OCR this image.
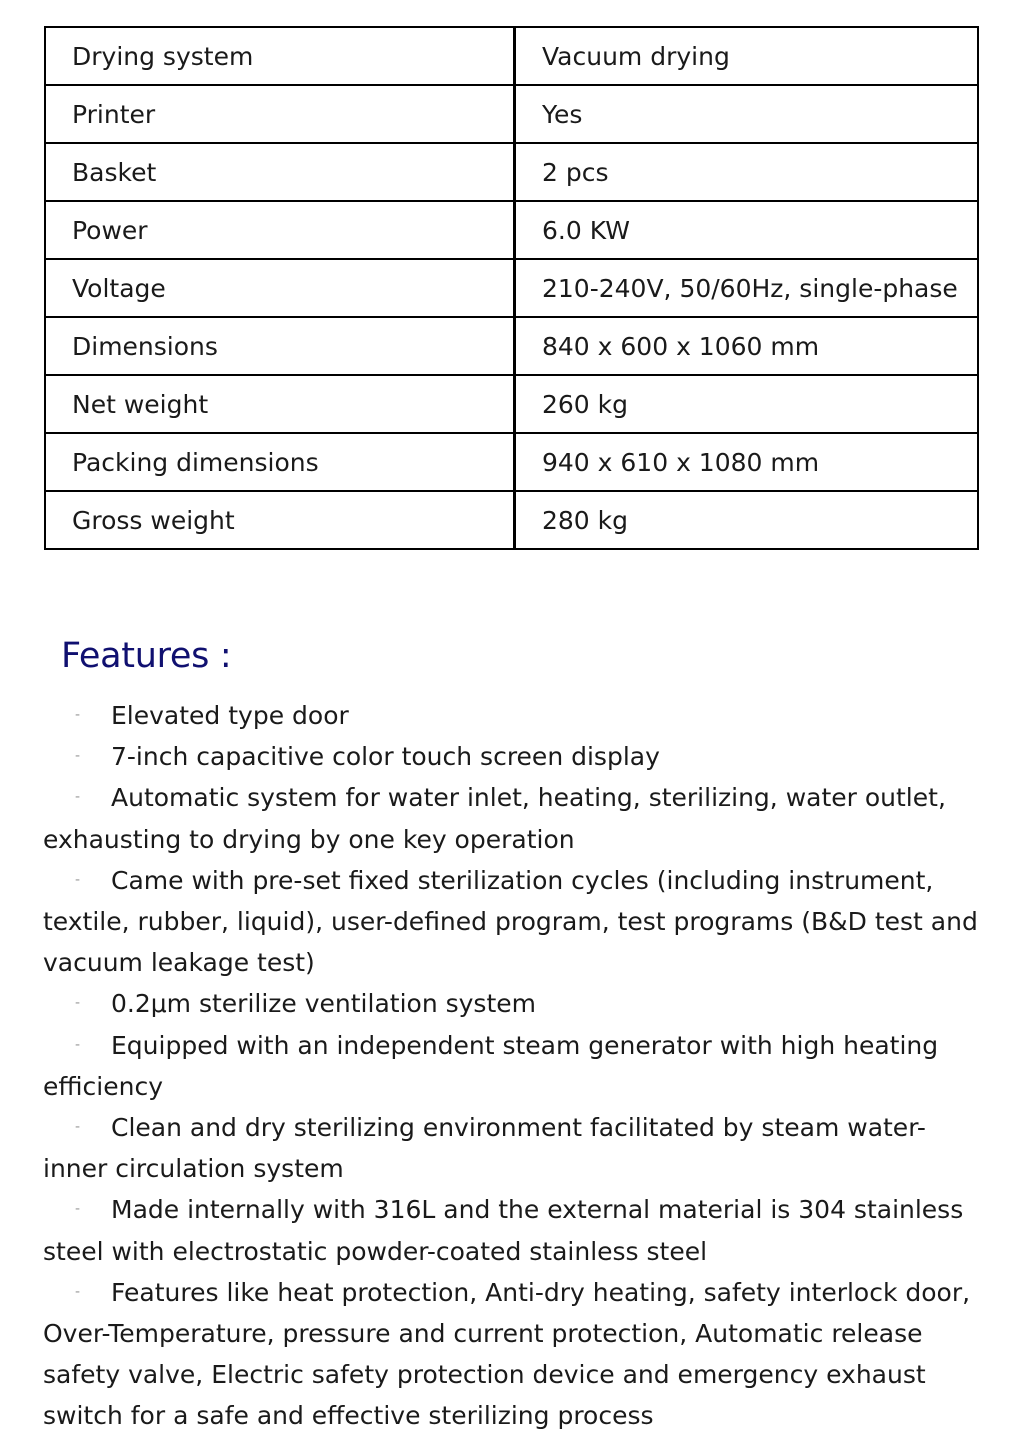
Drying system	Vacuum drying
Printer	Yes
Basket	2 pcs
Power	6.0 KW
Voltage	210-240V, 50/60Hz, single-phase
Dimensions	840 x 600 x 1060 mm
Net weight	260 kg
Packing dimensions	940 x 610 x 1080 mm
Gross weight	280 kg
Features :

- Elevated type door

- 7-inch capacitive color touch screen display

- Automatic system for water inlet, heating, sterilizing, water outlet, exhausting to drying by one key operation

- Came with pre-set fixed sterilization cycles (including instrument, textile, rubber, liquid), user-defined program, test programs (B&D test and vacuum leakage test)

- 0.2μm sterilize ventilation system

- Equipped with an independent steam generator with high heating efficiency

- Clean and dry sterilizing environment facilitated by steam water-inner circulation system

- Made internally with 316L and the external material is 304 stainless steel with electrostatic powder-coated stainless steel

- Features like heat protection, Anti-dry heating, safety interlock door, Over-Temperature, pressure and current protection, Automatic release safety valve, Electric safety protection device and emergency exhaust switch for a safe and effective sterilizing process
